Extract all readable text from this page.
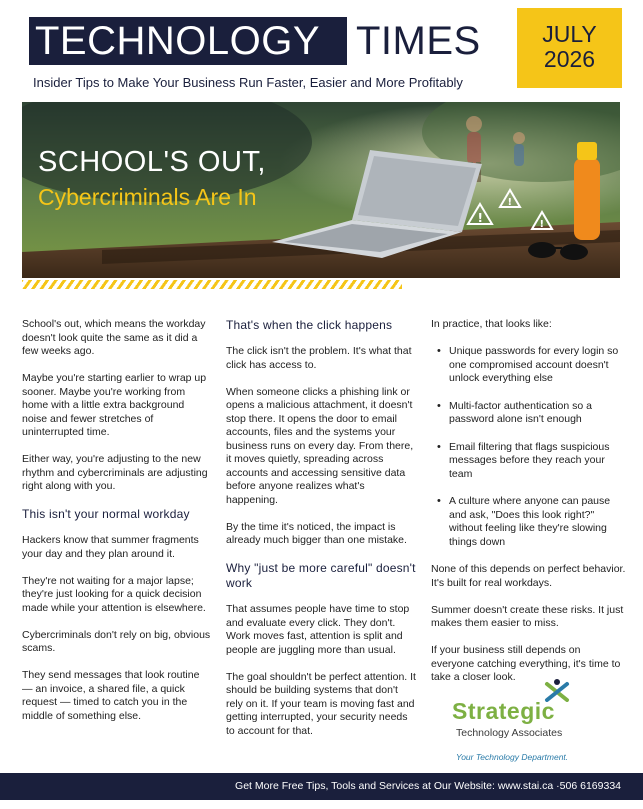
TECHNOLOGY TIMES	JULY
2026
Insider Tips to Make Your Business Run Faster, Easier and More Profitably
!
!
!
SCHOOL'S OUT,
Cybercriminals Are In

School's out, which means the workday doesn't look quite the same as it did a few weeks ago.

Maybe you're starting earlier to wrap up sooner. Maybe you're working from home with a little extra background noise and fewer stretches of uninterrupted time.

Either way, you're adjusting to the new rhythm and cybercriminals are adjusting right along with you.

This isn't your normal workday

Hackers know that summer fragments your day and they plan around it.

They're not waiting for a major lapse; they're just looking for a quick decision made while your attention is elsewhere.

Cybercriminals don't rely on big, obvious scams.

They send messages that look routine — an invoice, a shared file, a quick request — timed to catch you in the middle of something else.

That's when the click happens

The click isn't the problem. It's what that click has access to.

When someone clicks a phishing link or opens a malicious attachment, it doesn't stop there. It opens the door to email accounts, files and the systems your business runs on every day. From there, it moves quietly, spreading across accounts and accessing sensitive data before anyone realizes what's happening.

By the time it's noticed, the impact is already much bigger than one mistake.

Why "just be more careful" doesn't work

That assumes people have time to stop and evaluate every click. They don't. Work moves fast, attention is split and people are juggling more than usual.

The goal shouldn't be perfect attention. It should be building systems that don't rely on it. If your team is moving fast and getting interrupted, your security needs to account for that.

In practice, that looks like:

• Unique passwords for every login so one compromised account doesn't unlock everything else
• Multi-factor authentication so a password alone isn't enough
• Email filtering that flags suspicious messages before they reach your team
• A culture where anyone can pause and ask, "Does this look right?" without feeling like they're slowing things down

None of this depends on perfect behavior. It's built for real workdays.

Summer doesn't create these risks. It just makes them easier to miss.

If your business still depends on everyone catching everything, it's time to take a closer look.

Strategic
Technology Associates
Your Technology Department.
Get More Free Tips, Tools and Services at Our Website: www.stai.ca ·506 6169334
